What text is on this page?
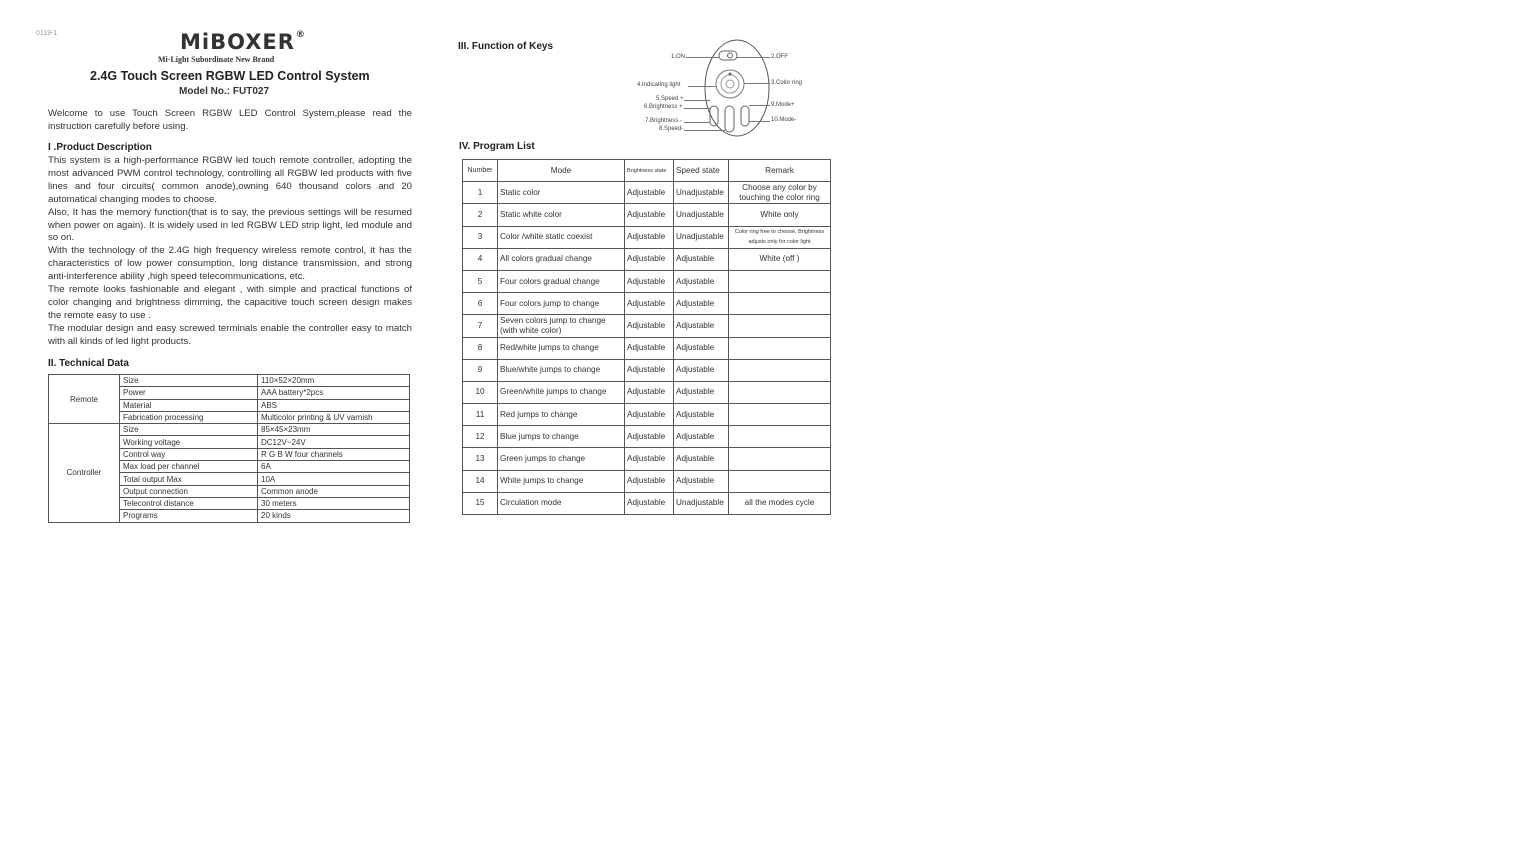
0119-1	MiBOXER®
Mi·Light Subordinate New Brand
2.4G Touch Screen RGBW LED Control System
Model No.: FUT027
Welcome to use Touch Screen RGBW LED Control System,please read the instruction carefully before using.
I .Product Description
This system is a high-performance RGBW led touch remote controller, adopting the most advanced PWM control technology, controlling all RGBW led products with five lines and four circuits( common anode),owning 640 thousand colors and 20 automatical changing modes to choose.
Also, It has the memory function(that is to say, the previous settings will be resumed when power on again). It is widely used in led RGBW LED strip light, led module and so on.
With the technology of the 2.4G high frequency wireless remote control, it has the characteristics of low power consumption, long distance transmission, and strong anti-interference ability ,high speed telecommunications, etc.
The remote looks fashionable and elegant , with simple and practical functions of color changing and brightness dimming, the capacitive touch screen design makes the remote easy to use .
The modular design and easy screwed terminals enable the controller easy to match with all kinds of led light products.
II. Technical Data
Remote	Size	110×52×20mm
	Power	AAA battery*2pcs
	Material	ABS
	Fabrication processing	Multicolor printing & UV varnish
Controller	Size	85×45×23mm
	Working voltage	DC12V~24V
	Control way	R G B W four channels
	Max load per channel	6A
	Total output Max	10A
	Output connection	Common anode
	Telecontrol distance	30 meters
	Programs	20 kinds
III. Function of Keys
1.ON	2.OFF
3.Color ring
4.Indicating light
5.Speed +
6.Brightness +	9.Mode+
7.Brightness -
8.Speed-
10.Mode-
IV. Program List
Number	Mode	Brightness state	Speed state	Remark
1	Static color	Adjustable	Unadjustable	Choose any color by touching the color ring
2	Static white color	Adjustable	Unadjustable	White only
3	Color /white static coexist	Adjustable	Unadjustable	Color ring free to choose, Brightness adjusts only for color light
4	All colors gradual change	Adjustable	Adjustable	White (off )
5	Four colors gradual change	Adjustable	Adjustable	
6	Four colors jump to change	Adjustable	Adjustable	
7	Seven colors jump to change (with white color)	Adjustable	Adjustable	
8	Red/white jumps to change	Adjustable	Adjustable	
9	Blue/white jumps to change	Adjustable	Adjustable	
10	Green/white jumps to change	Adjustable	Adjustable	
11	Red jumps to change	Adjustable	Adjustable	
12	Blue jumps to change	Adjustable	Adjustable	
13	Green jumps to change	Adjustable	Adjustable	
14	White jumps to change	Adjustable	Adjustable	
15	Circulation mode	Adjustable	Unadjustable	all the modes cycle
